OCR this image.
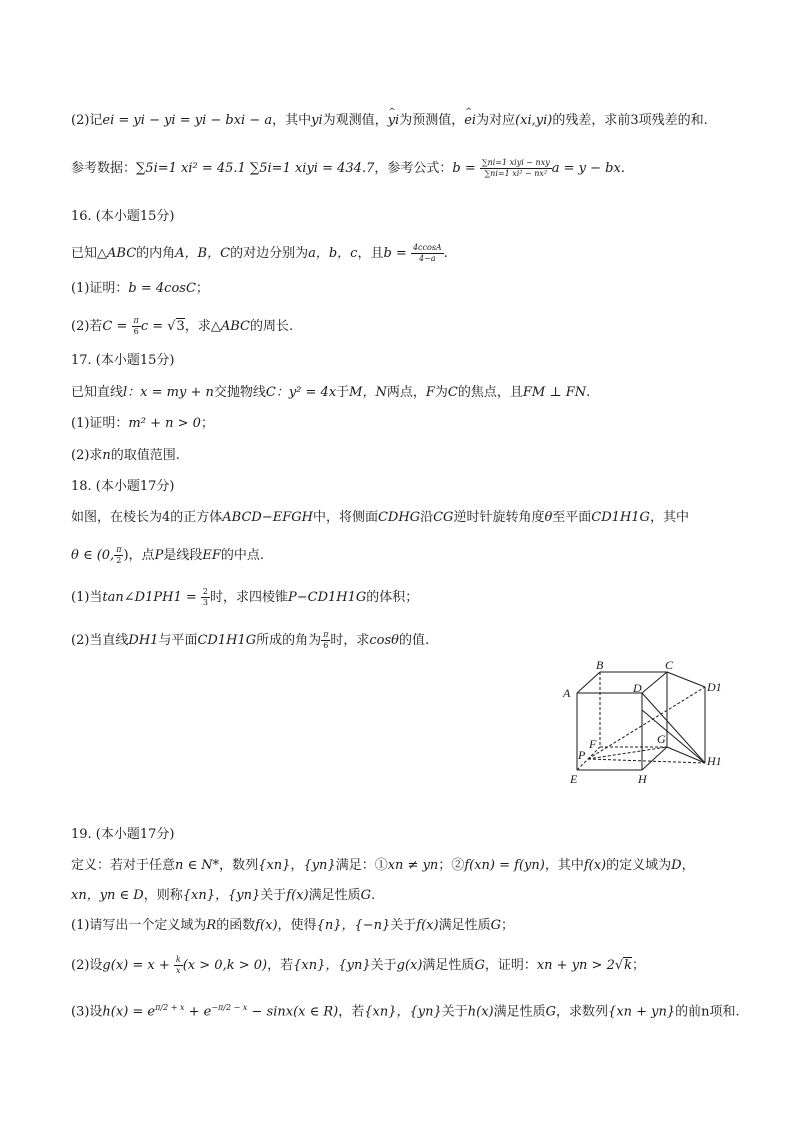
(2)记ei = yi − yi = yi − bxi − a，其中yi为观测值，^ yi为预测值，^ ei为对应(xi,yi)的残差，求前3项残差的和.
参考数据：∑5i=1 xi² = 45.1 ∑5i=1 xiyi = 434.7，参考公式：$b = \frac{\text{∑ni=1 xiyi − nxy}}{\text{∑ni=1 xi² − nx²}}$ a = y − bx.
16. (本小题15分)
已知△ABC的内角A，B，C的对边分别为a，b，c，且$b = \frac{4ccosA}{4-a}$ .
(1)证明：b = 4cosC；
(2)若$C = \frac{\pi}{6}$ c = √3，求△ABC的周长.
17. (本小题15分)
已知直线l：x = my + n交抛物线C：y² = 4x于M，N两点，F为C的焦点，且FM ⊥ FN.
(1)证明：m² + n > 0；
(2)求n的取值范围.
18. (本小题17分)
如图，在棱长为4的正方体ABCD−EFGH中，将侧面CDHG沿CG逆时针旋转角度θ至平面CD1H1G，其中
θ ∈ (0, $\frac{\pi}{2}$ )，点P是线段EF的中点.
(1)当tan∠D1PH1 = $\frac{2}{3}$ 时，求四棱锥P−CD1H1G的体积；
(2)当直线DH1与平面CD1H1G所成的角为 $\frac{\pi}{6}$ 时，求cosθ的值.
B	C
A	D	D1
F	G
P	H1
E	H
19. (本小题17分)
定义：若对于任意n ∈ N*，数列{xn}，{yn}满足：①xn ≠ yn；②f(xn) = f(yn)，其中f(x)的定义域为D，
xn，yn ∈ D，则称{xn}，{yn}关于f(x)满足性质G.
(1)请写出一个定义域为R的函数f(x)，使得{n}，{−n}关于f(x)满足性质G；
(2)设$g(x) = x + \frac{k}{x} (x > 0,k > 0)$，若{xn}，{yn}关于g(x)满足性质G，证明：xn + yn > 2√k；
(3)设$h(x) = e^{\pi/2 + x} + e^{-\pi/2 - x} - \sin x(x$ ∈ R)，若{xn}，{yn}关于h(x)满足性质G，求数列{xn + yn}的前n项和.
